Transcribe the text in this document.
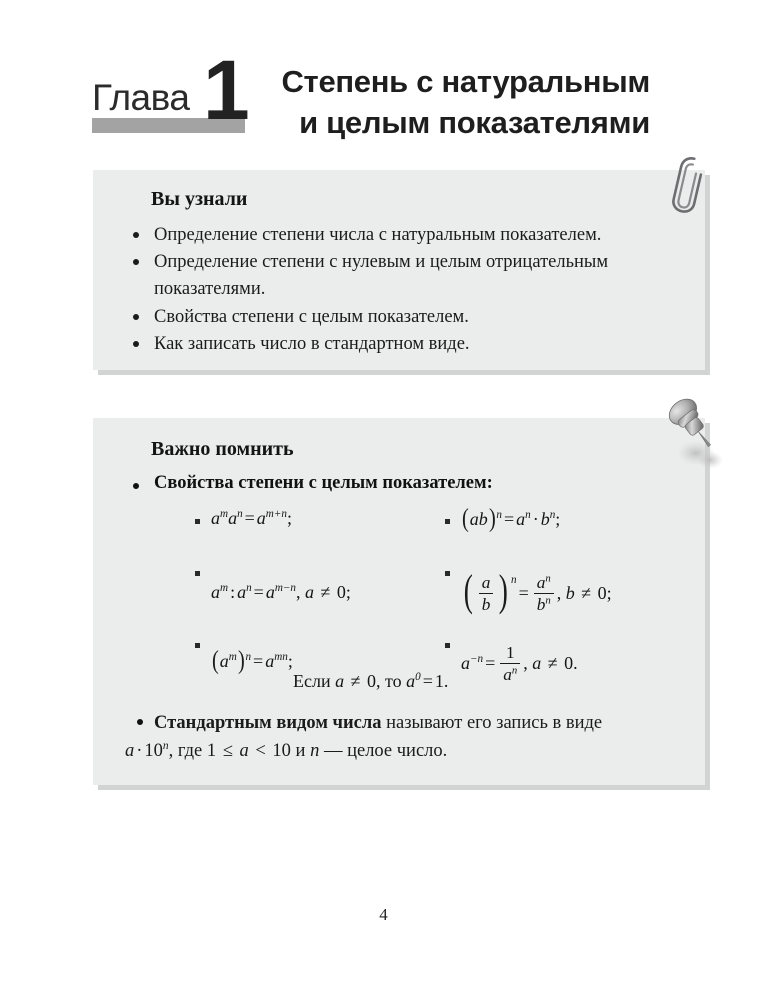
Глава 1	Степень с натуральным
и целым показателями
Вы узнали
Определение степени числа с натуральным показателем.
Определение степени с нулевым и целым отрицательным показателями.
Свойства степени с целым показателем.
Как записать число в стандартном виде.
Важно помнить
Свойства степени с целым показателем:
$a^ma^n = a^{m+n}$;	$(ab)^n = a^n \cdot b^n$;
$a^m$ : $a^n = a^{m-n}$, a ≠ 0;	( $\frac{a}{b}$ ) $^n= \frac{a^n}{b^n}$ , b ≠ 0;
$(a^m)^n = a^{mn}$;	$a^{-n} = \frac{1}{a^n}$ , a ≠ 0.
Если a ≠ 0, то $a^0 = 1$.
Стандартным видом числа называют его запись в виде
$a \cdot 10^n$, где 1 ≤ a < 10 и n — целое число.
4
